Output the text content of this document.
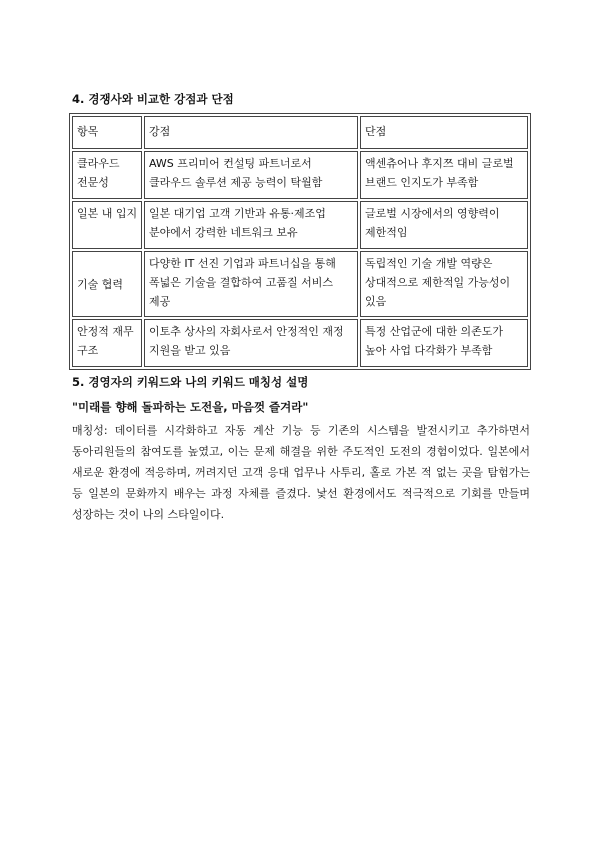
4. 경쟁사와 비교한 강점과 단점
항목	강점	단점
클라우드 전문성	AWS 프리미어 컨설팅 파트너로서 클라우드 솔루션 제공 능력이 탁월함	액센츄어나 후지쯔 대비 글로벌 브랜드 인지도가 부족함
일본 내 입지	일본 대기업 고객 기반과 유통·제조업 분야에서 강력한 네트워크 보유	글로벌 시장에서의 영향력이 제한적임
기술 협력	다양한 IT 선진 기업과 파트너십을 통해 폭넓은 기술을 결합하여 고품질 서비스 제공	독립적인 기술 개발 역량은 상대적으로 제한적일 가능성이 있음
안정적 재무 구조	이토추 상사의 자회사로서 안정적인 재정 지원을 받고 있음	특정 산업군에 대한 의존도가 높아 사업 다각화가 부족함
5. 경영자의 키워드와 나의 키워드 매칭성 설명
"미래를 향해 돌파하는 도전을, 마음껏 즐겨라"
매칭성: 데이터를 시각화하고 자동 계산 기능 등 기존의 시스템을 발전시키고 추가하면서 동아리원들의 참여도를 높였고, 이는 문제 해결을 위한 주도적인 도전의 경험이었다. 일본에서 새로운 환경에 적응하며, 꺼려지던 고객 응대 업무나 사투리, 홀로 가본 적 없는 곳을 탐험가는 등 일본의 문화까지 배우는 과정 자체를 즐겼다. 낯선 환경에서도 적극적으로 기회를 만들며 성장하는 것이 나의 스타일이다.
